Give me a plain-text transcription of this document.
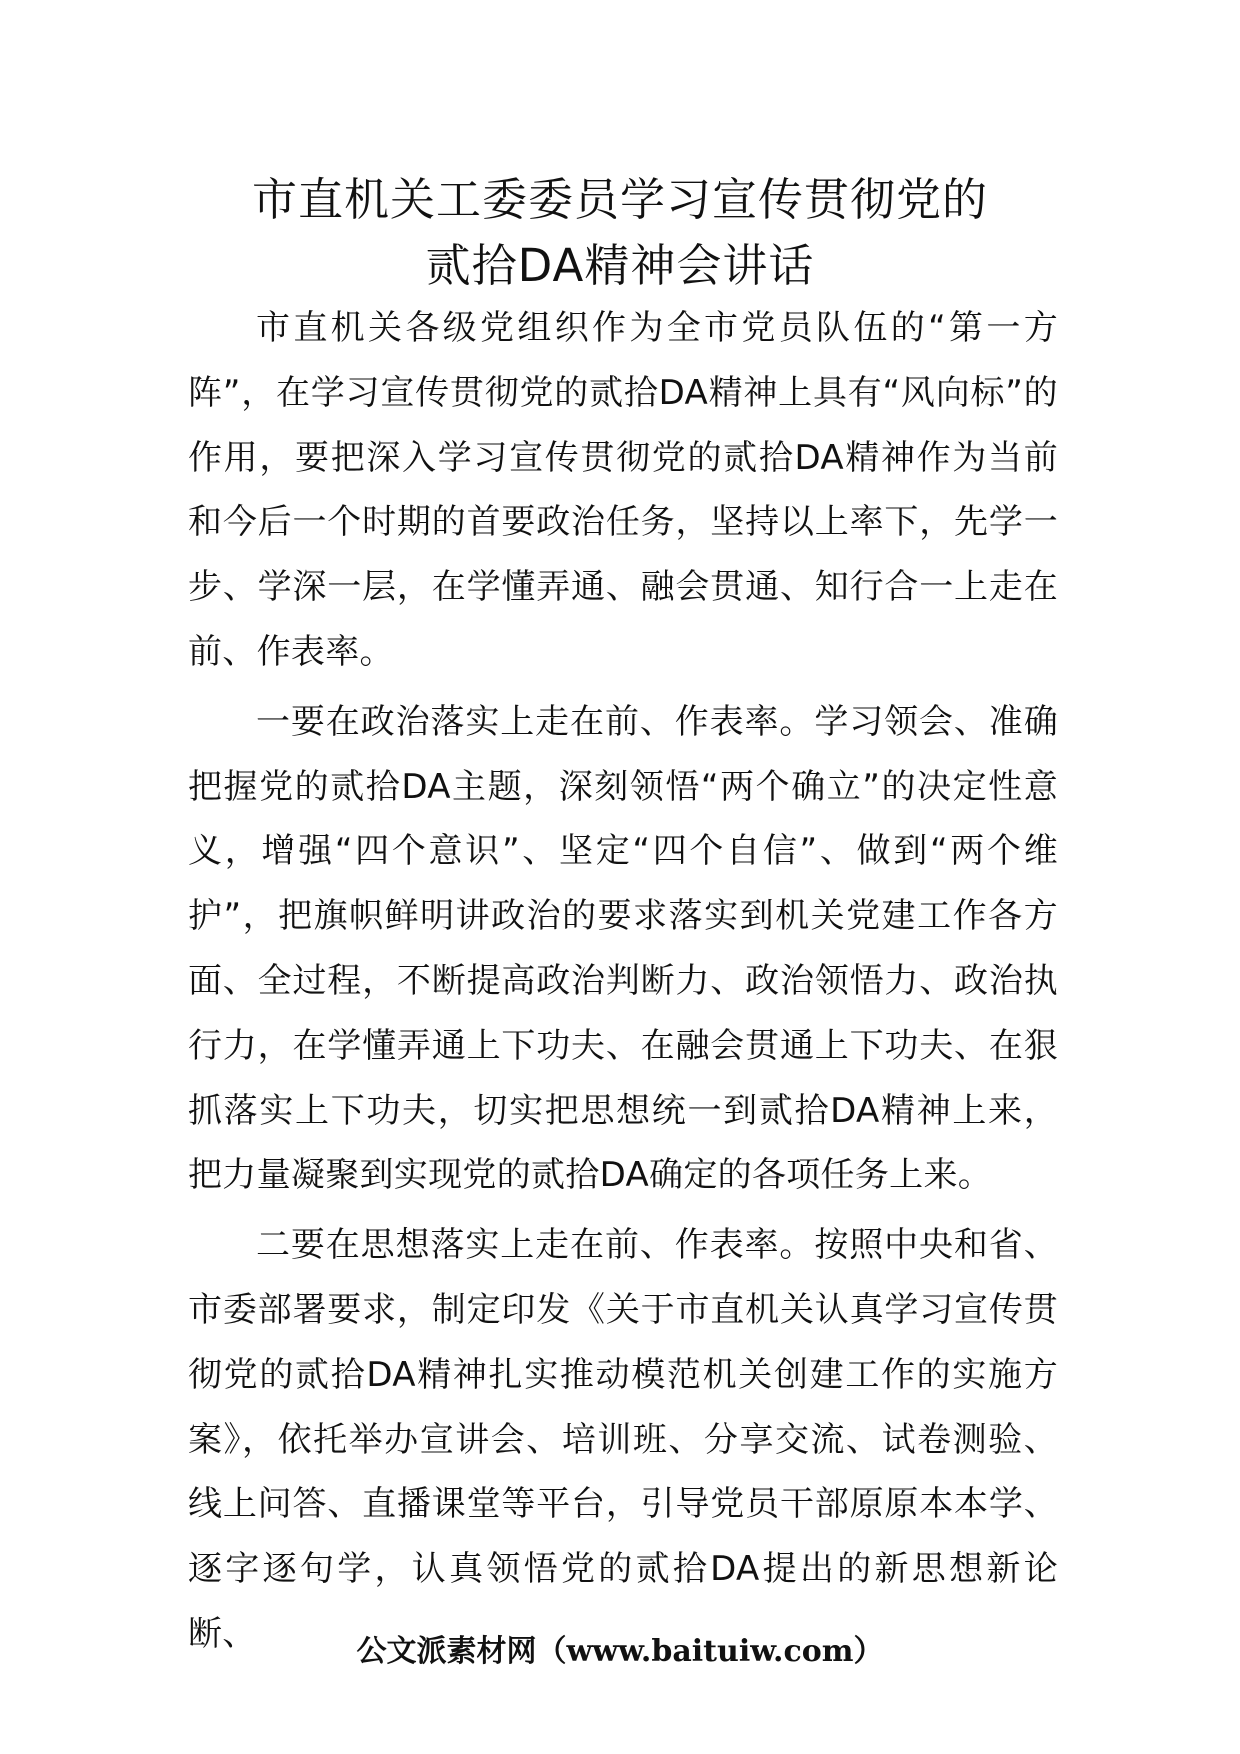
市直机关工委委员学习宣传贯彻党的
贰拾DA精神会讲话

市直机关各级党组织作为全市党员队伍的“第一方阵”，在学习宣传贯彻党的贰拾DA精神上具有“风向标”的作用，要把深入学习宣传贯彻党的贰拾DA精神作为当前和今后一个时期的首要政治任务，坚持以上率下，先学一步、学深一层，在学懂弄通、融会贯通、知行合一上走在前、作表率。

一要在政治落实上走在前、作表率。学习领会、准确把握党的贰拾DA主题，深刻领悟“两个确立”的决定性意义，增强“四个意识”、坚定“四个自信”、做到“两个维护”，把旗帜鲜明讲政治的要求落实到机关党建工作各方面、全过程，不断提高政治判断力、政治领悟力、政治执行力，在学懂弄通上下功夫、在融会贯通上下功夫、在狠抓落实上下功夫，切实把思想统一到贰拾DA精神上来，把力量凝聚到实现党的贰拾DA确定的各项任务上来。

二要在思想落实上走在前、作表率。按照中央和省、市委部署要求，制定印发《关于市直机关认真学习宣传贯彻党的贰拾DA精神扎实推动模范机关创建工作的实施方案》，依托举办宣讲会、培训班、分享交流、试卷测验、线上问答、直播课堂等平台，引导党员干部原原本本学、逐字逐句学，认真领悟党的贰拾DA提出的新思想新论断、	公文派素材网（www.baituiw.com）
